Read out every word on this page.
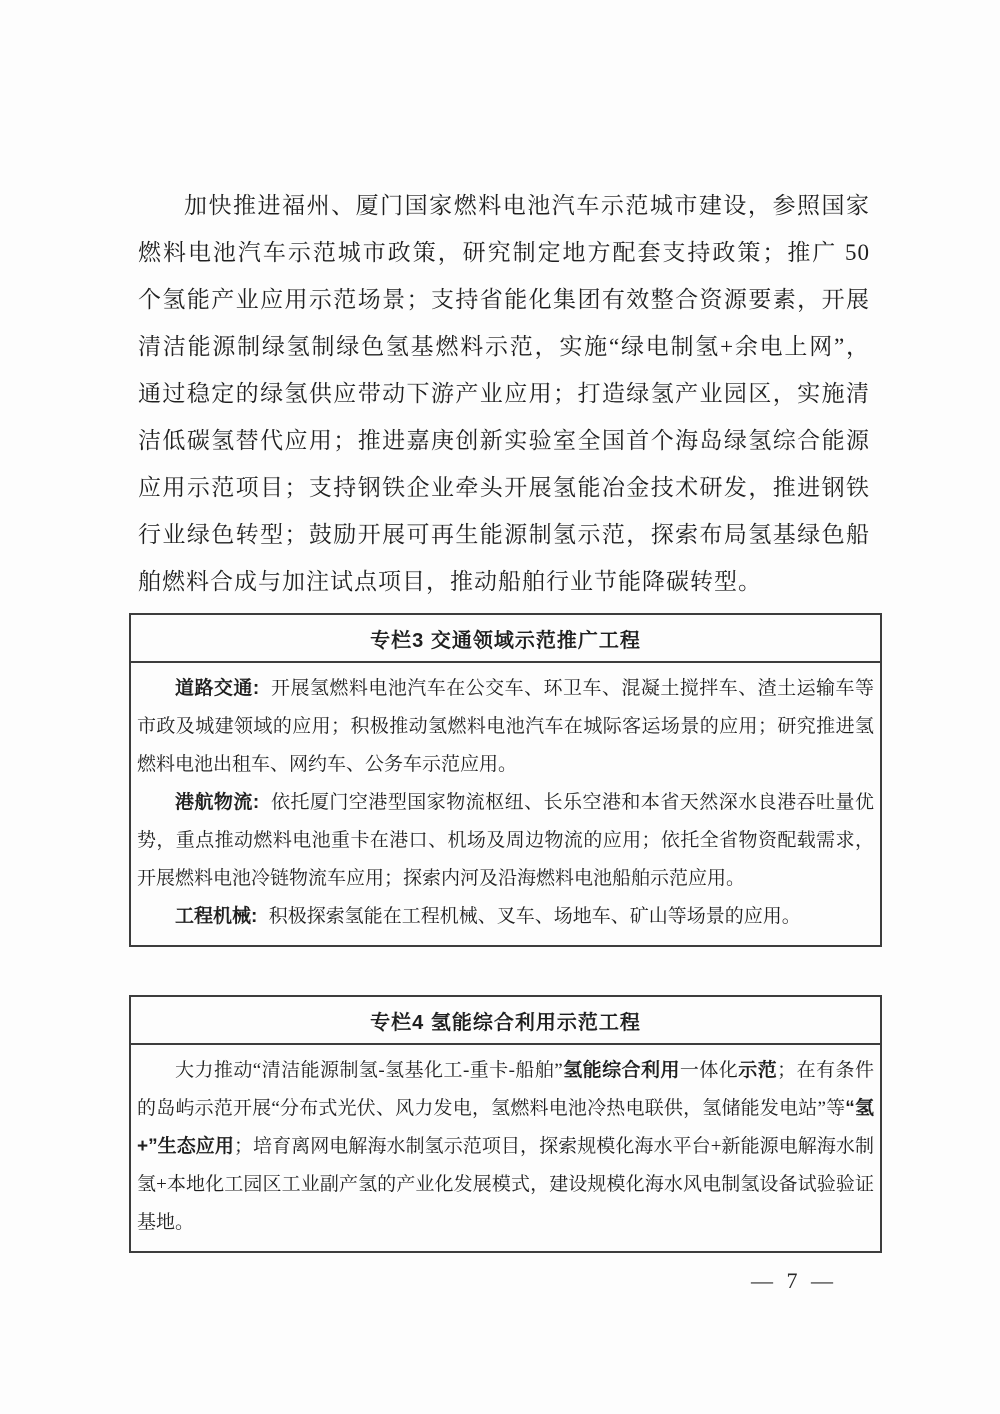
加快推进福州、厦门国家燃料电池汽车示范城市建设，参照国家燃料电池汽车示范城市政策，研究制定地方配套支持政策；推广 50 个氢能产业应用示范场景；支持省能化集团有效整合资源要素，开展清洁能源制绿氢制绿色氢基燃料示范，实施“绿电制氢+余电上网”，通过稳定的绿氢供应带动下游产业应用；打造绿氢产业园区，实施清洁低碳氢替代应用；推进嘉庚创新实验室全国首个海岛绿氢综合能源应用示范项目；支持钢铁企业牵头开展氢能冶金技术研发，推进钢铁行业绿色转型；鼓励开展可再生能源制氢示范，探索布局氢基绿色船舶燃料合成与加注试点项目，推动船舶行业节能降碳转型。

专栏3 交通领域示范推广工程

道路交通: 开展氢燃料电池汽车在公交车、环卫车、混凝土搅拌车、渣土运输车等市政及城建领域的应用；积极推动氢燃料电池汽车在城际客运场景的应用；研究推进氢燃料电池出租车、网约车、公务车示范应用。

港航物流: 依托厦门空港型国家物流枢纽、长乐空港和本省天然深水良港吞吐量优势，重点推动燃料电池重卡在港口、机场及周边物流的应用；依托全省物资配载需求，开展燃料电池冷链物流车应用；探索内河及沿海燃料电池船舶示范应用。

工程机械: 积极探索氢能在工程机械、叉车、场地车、矿山等场景的应用。

专栏4 氢能综合利用示范工程

大力推动“清洁能源制氢-氢基化工-重卡-船舶”氢能综合利用一体化示范；在有条件的岛屿示范开展“分布式光伏、风力发电，氢燃料电池冷热电联供，氢储能发电站”等“氢+”生态应用；培育离网电解海水制氢示范项目，探索规模化海水平台+新能源电解海水制氢+本地化工园区工业副产氢的产业化发展模式，建设规模化海水风电制氢设备试验验证基地。

— 7 —
